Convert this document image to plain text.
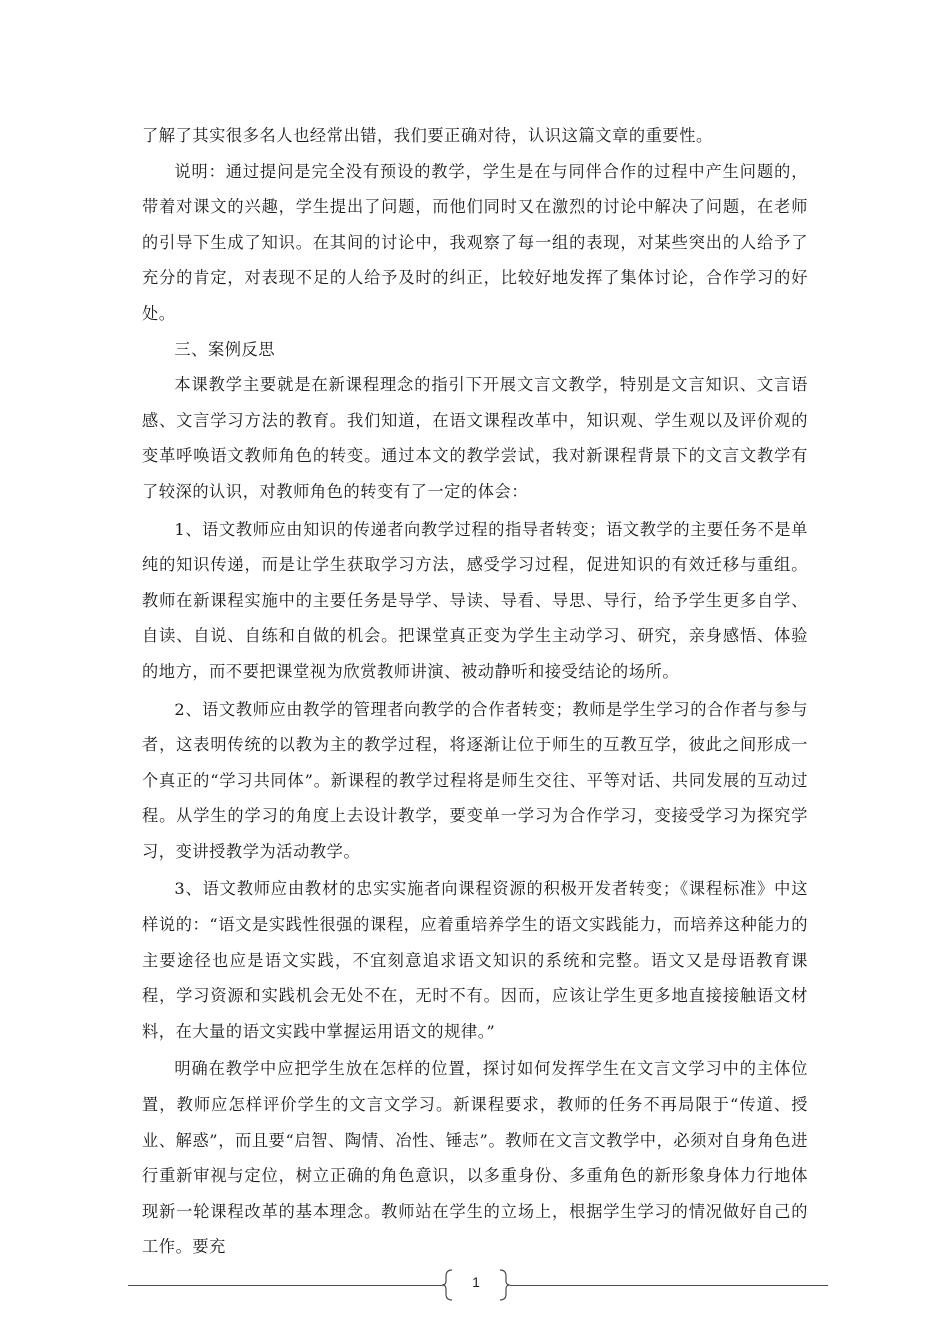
了解了其实很多名人也经常出错，我们要正确对待，认识这篇文章的重要性。

说明：通过提问是完全没有预设的教学，学生是在与同伴合作的过程中产生问题的，带着对课文的兴趣，学生提出了问题，而他们同时又在激烈的讨论中解决了问题，在老师的引导下生成了知识。在其间的讨论中，我观察了每一组的表现，对某些突出的人给予了充分的肯定，对表现不足的人给予及时的纠正，比较好地发挥了集体讨论，合作学习的好处。

三、案例反思

本课教学主要就是在新课程理念的指引下开展文言文教学，特别是文言知识、文言语感、文言学习方法的教育。我们知道，在语文课程改革中，知识观、学生观以及评价观的变革呼唤语文教师角色的转变。通过本文的教学尝试，我对新课程背景下的文言文教学有了较深的认识，对教师角色的转变有了一定的体会：

1、语文教师应由知识的传递者向教学过程的指导者转变；语文教学的主要任务不是单纯的知识传递，而是让学生获取学习方法，感受学习过程，促进知识的有效迁移与重组。教师在新课程实施中的主要任务是导学、导读、导看、导思、导行，给予学生更多自学、自读、自说、自练和自做的机会。把课堂真正变为学生主动学习、研究，亲身感悟、体验的地方，而不要把课堂视为欣赏教师讲演、被动静听和接受结论的场所。

2、语文教师应由教学的管理者向教学的合作者转变；教师是学生学习的合作者与参与者，这表明传统的以教为主的教学过程，将逐渐让位于师生的互教互学，彼此之间形成一个真正的“学习共同体”。新课程的教学过程将是师生交往、平等对话、共同发展的互动过程。从学生的学习的角度上去设计教学，要变单一学习为合作学习，变接受学习为探究学习，变讲授教学为活动教学。

3、语文教师应由教材的忠实实施者向课程资源的积极开发者转变；《课程标准》中这样说的：“语文是实践性很强的课程，应着重培养学生的语文实践能力，而培养这种能力的主要途径也应是语文实践，不宜刻意追求语文知识的系统和完整。语文又是母语教育课程，学习资源和实践机会无处不在，无时不有。因而，应该让学生更多地直接接触语文材料，在大量的语文实践中掌握运用语文的规律。”

明确在教学中应把学生放在怎样的位置，探讨如何发挥学生在文言文学习中的主体位置，教师应怎样评价学生的文言文学习。新课程要求，教师的任务不再局限于“传道、授业、解惑”，而且要“启智、陶情、冶性、锤志”。教师在文言文教学中，必须对自身角色进行重新审视与定位，树立正确的角色意识，以多重身份、多重角色的新形象身体力行地体现新一轮课程改革的基本理念。教师站在学生的立场上，根据学生学习的情况做好自己的工作。要充

1
